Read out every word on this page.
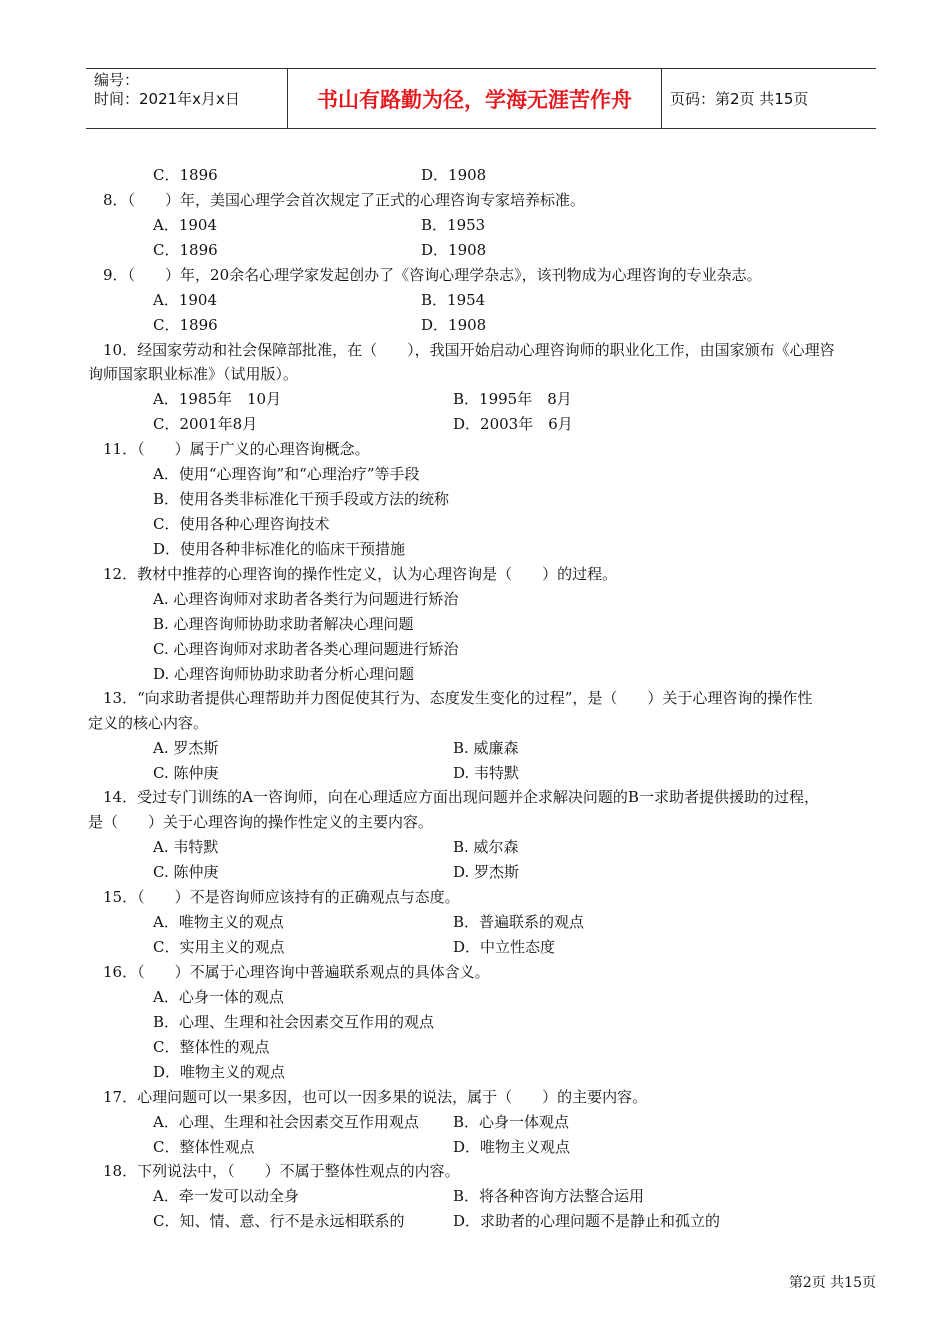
编号：
时间：2021年x月x日	书山有路勤为径，学海无涯苦作舟	页码：第2页 共15页
C．1896	D．1908
8．（　　）年，美国心理学会首次规定了正式的心理咨询专家培养标准。
A．1904	B．1953
C．1896	D．1908
9．（　　）年，20余名心理学家发起创办了《咨询心理学杂志》，该刊物成为心理咨询的专业杂志。
A．1904	B．1954
C．1896	D．1908
10．经国家劳动和社会保障部批准，在（　　），我国开始启动心理咨询师的职业化工作，由国家颁布《心理咨
询师国家职业标准》（试用版）。
A．1985年　10月	B．1995年　8月
C．2001年8月	D．2003年　6月
11．（　　）属于广义的心理咨询概念。
A．使用“心理咨询”和“心理治疗”等手段
B．使用各类非标准化干预手段或方法的统称
C．使用各种心理咨询技术
D．使用各种非标准化的临床干预措施
12．教材中推荐的心理咨询的操作性定义，认为心理咨询是（　　）的过程。
A. 心理咨询师对求助者各类行为问题进行矫治
B. 心理咨询师协助求助者解决心理问题
C. 心理咨询师对求助者各类心理问题进行矫治
D. 心理咨询师协助求助者分析心理问题
13．“向求助者提供心理帮助并力图促使其行为、态度发生变化的过程”，是（　　）关于心理咨询的操作性
定义的核心内容。
A. 罗杰斯	B. 威廉森
C. 陈仲庚	D. 韦特默
14．受过专门训练的A一咨询师，向在心理适应方面出现问题并企求解决问题的B一求助者提供援助的过程，
是（　　）关于心理咨询的操作性定义的主要内容。
A. 韦特默	B. 威尔森
C. 陈仲庚	D. 罗杰斯
15．（　　）不是咨询师应该持有的正确观点与态度。
A．唯物主义的观点	B．普遍联系的观点
C．实用主义的观点	D．中立性态度
16．（　　）不属于心理咨询中普遍联系观点的具体含义。
A．心身一体的观点
B．心理、生理和社会因素交互作用的观点
C．整体性的观点
D．唯物主义的观点
17．心理问题可以一果多因，也可以一因多果的说法，属于（　　）的主要内容。
A．心理、生理和社会因素交互作用观点 B．心身一体观点
C．整体性观点	D．唯物主义观点
18．下列说法中，（　　）不属于整体性观点的内容。
A．牵一发可以动全身	B．将各种咨询方法整合运用
C．知、情、意、行不是永远相联系的	D．求助者的心理问题不是静止和孤立的
第2页 共15页
